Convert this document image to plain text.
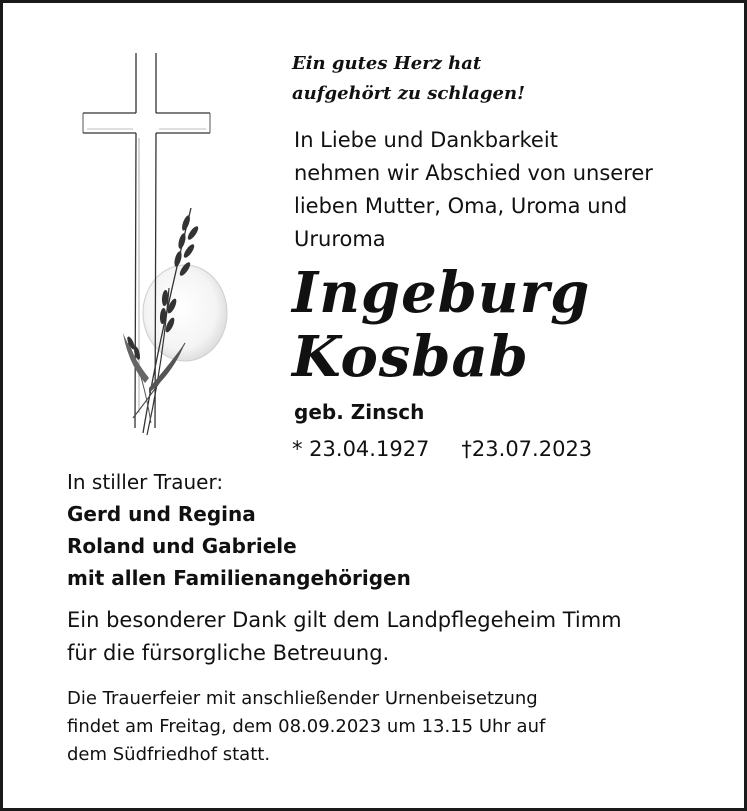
Ein gutes Herz hat
aufgehört zu schlagen!
In Liebe und Dankbarkeit
nehmen wir Abschied von unserer
lieben Mutter, Oma, Uroma und
Ururoma
Ingeburg
Kosbab
geb. Zinsch
* 23.04.1927 †23.07.2023
In stiller Trauer:
Gerd und Regina
Roland und Gabriele
mit allen Familienangehörigen
Ein besonderer Dank gilt dem Landpflegeheim Timm
für die fürsorgliche Betreuung.
Die Trauerfeier mit anschließender Urnenbeisetzung
findet am Freitag, dem 08.09.2023 um 13.15 Uhr auf
dem Südfriedhof statt.
